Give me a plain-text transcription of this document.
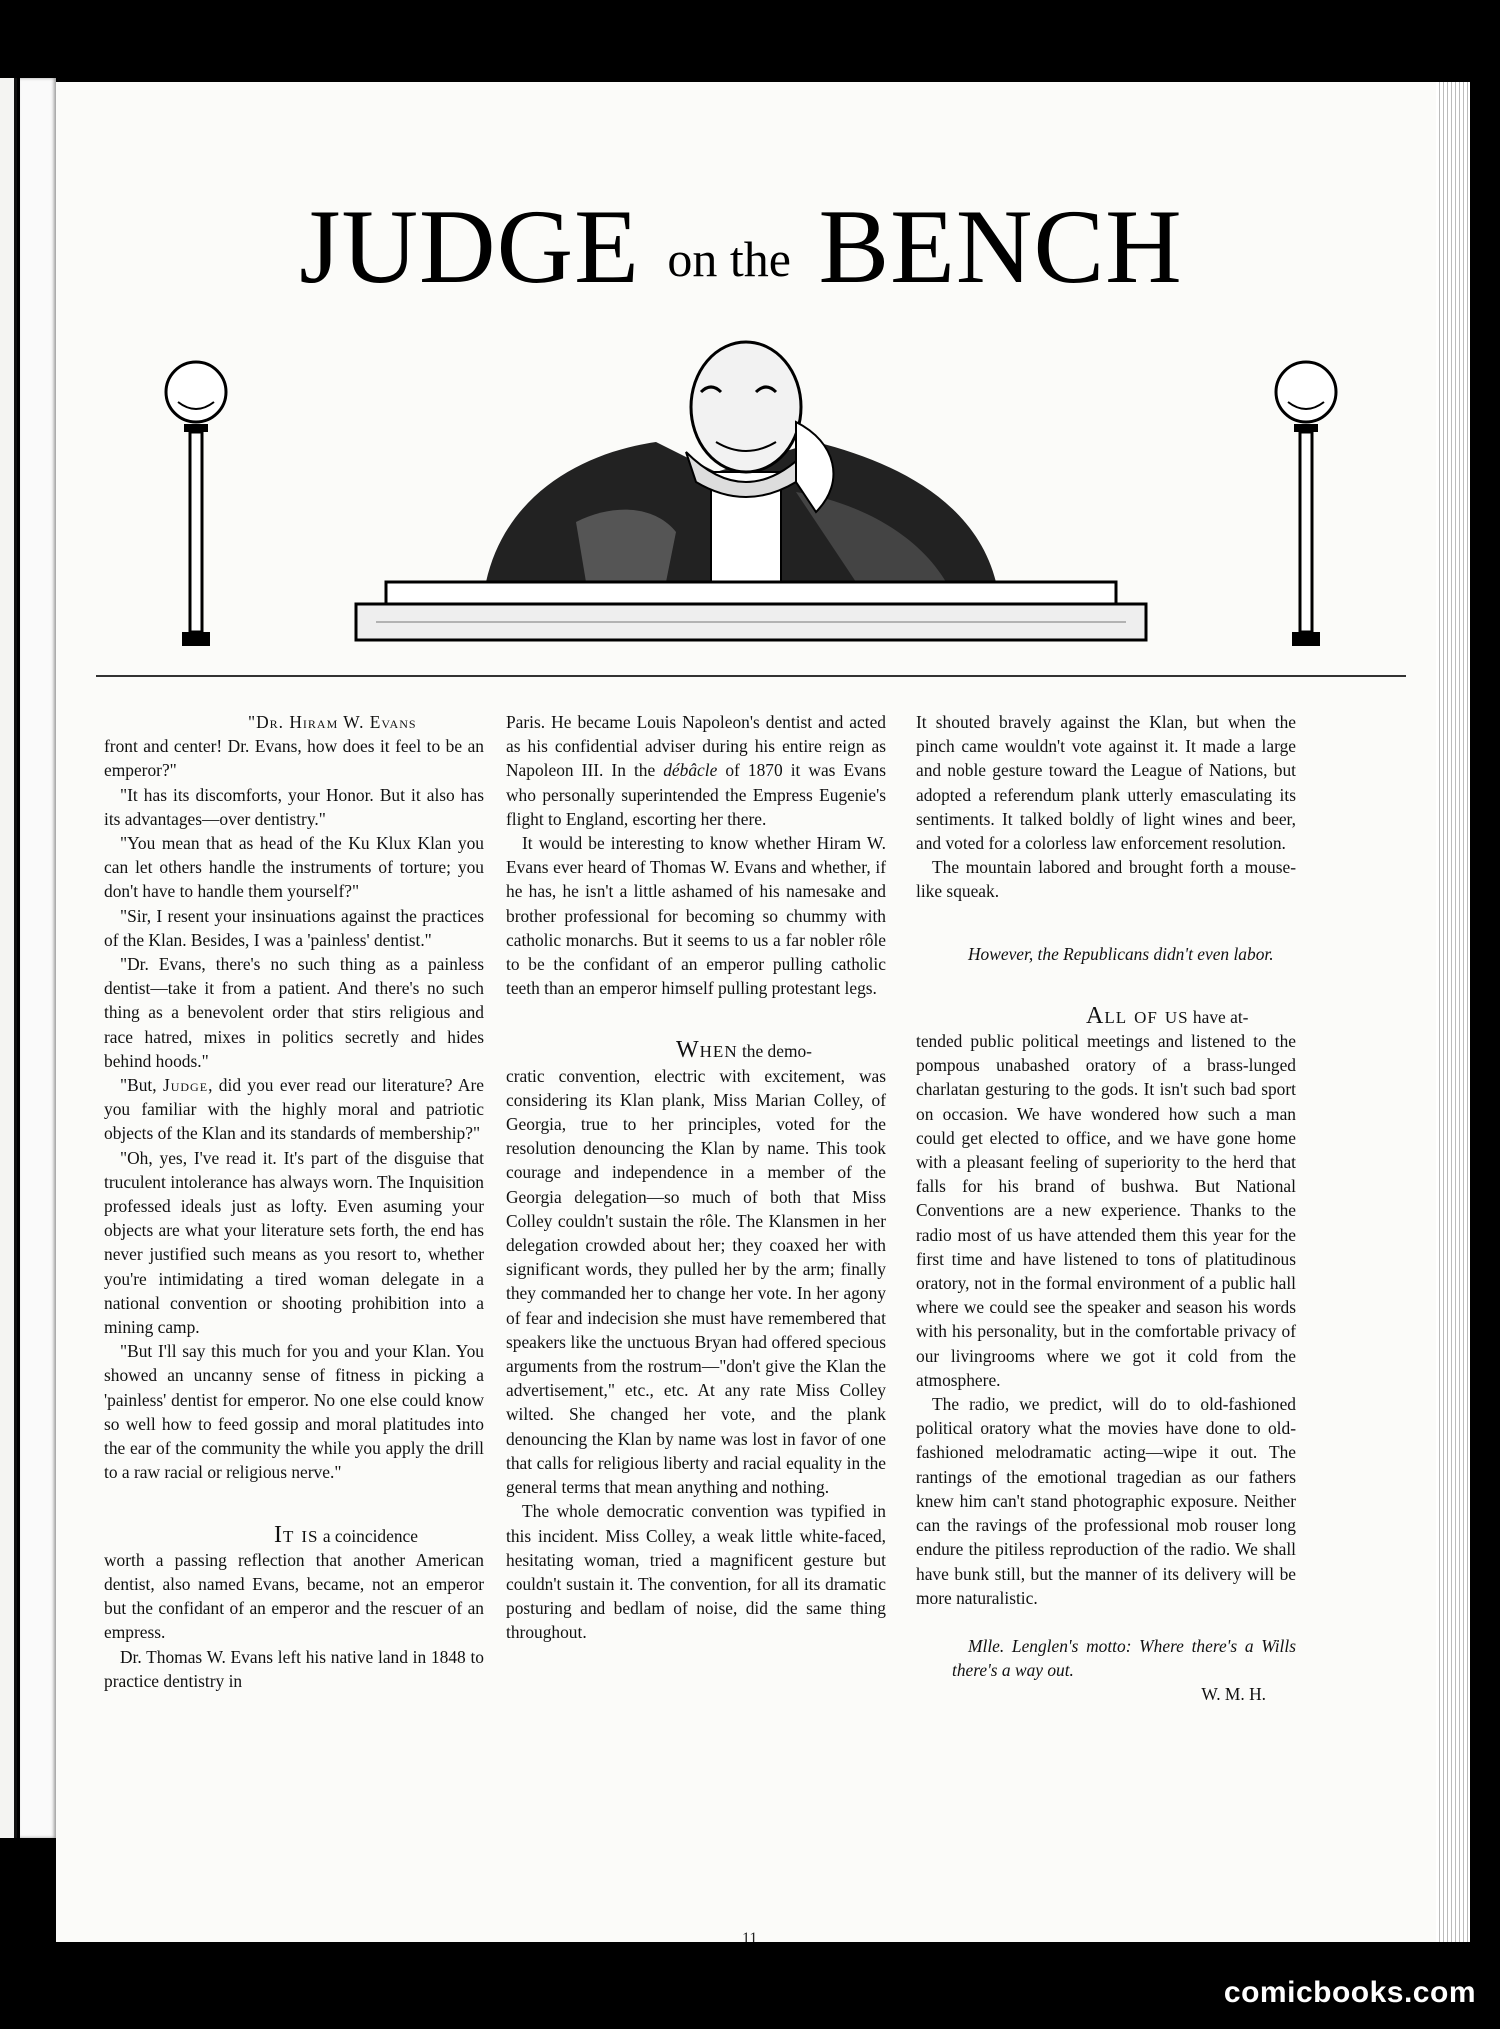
JUDGE on the BENCH

"Dr. Hiram W. Evans

front and center! Dr. Evans, how does it feel to be an emperor?"

"It has its discomforts, your Honor. But it also has its advantages—over dentistry."

"You mean that as head of the Ku Klux Klan you can let others handle the instruments of torture; you don't have to handle them yourself?"

"Sir, I resent your insinuations against the practices of the Klan. Besides, I was a 'painless' dentist."

"Dr. Evans, there's no such thing as a painless dentist—take it from a patient. And there's no such thing as a benevolent order that stirs religious and race hatred, mixes in politics secretly and hides behind hoods."

"But, Judge, did you ever read our literature? Are you familiar with the highly moral and patriotic objects of the Klan and its standards of membership?"

"Oh, yes, I've read it. It's part of the disguise that truculent intolerance has always worn. The Inquisition professed ideals just as lofty. Even asuming your objects are what your literature sets forth, the end has never justified such means as you resort to, whether you're intimidating a tired woman delegate in a national convention or shooting prohibition into a mining camp.

"But I'll say this much for you and your Klan. You showed an uncanny sense of fitness in picking a 'painless' dentist for emperor. No one else could know so well how to feed gossip and moral platitudes into the ear of the community the while you apply the drill to a raw racial or religious nerve."

It is a coincidence

worth a passing reflection that another American dentist, also named Evans, became, not an emperor but the confidant of an emperor and the rescuer of an empress.

Dr. Thomas W. Evans left his native land in 1848 to practice dentistry in

Paris. He became Louis Napoleon's dentist and acted as his confidential adviser during his entire reign as Napoleon III. In the débâcle of 1870 it was Evans who personally superintended the Empress Eugenie's flight to England, escorting her there.

It would be interesting to know whether Hiram W. Evans ever heard of Thomas W. Evans and whether, if he has, he isn't a little ashamed of his namesake and brother professional for becoming so chummy with catholic monarchs. But it seems to us a far nobler rôle to be the confidant of an emperor pulling catholic teeth than an emperor himself pulling protestant legs.

When the demo-

cratic convention, electric with excitement, was considering its Klan plank, Miss Marian Colley, of Georgia, true to her principles, voted for the resolution denouncing the Klan by name. This took courage and independence in a member of the Georgia delegation—so much of both that Miss Colley couldn't sustain the rôle. The Klansmen in her delegation crowded about her; they coaxed her with significant words, they pulled her by the arm; finally they commanded her to change her vote. In her agony of fear and indecision she must have remembered that speakers like the unctuous Bryan had offered specious arguments from the rostrum—"don't give the Klan the advertisement," etc., etc. At any rate Miss Colley wilted. She changed her vote, and the plank denouncing the Klan by name was lost in favor of one that calls for religious liberty and racial equality in the general terms that mean anything and nothing.

The whole democratic convention was typified in this incident. Miss Colley, a weak little white-faced, hesitating woman, tried a magnificent gesture but couldn't sustain it. The convention, for all its dramatic posturing and bedlam of noise, did the same thing throughout.

It shouted bravely against the Klan, but when the pinch came wouldn't vote against it. It made a large and noble gesture toward the League of Nations, but adopted a referendum plank utterly emasculating its sentiments. It talked boldly of light wines and beer, and voted for a colorless law enforcement resolution.

The mountain labored and brought forth a mouse-like squeak.

However, the Republicans didn't even labor.

All of us have at-

tended public political meetings and listened to the pompous unabashed oratory of a brass-lunged charlatan gesturing to the gods. It isn't such bad sport on occasion. We have wondered how such a man could get elected to office, and we have gone home with a pleasant feeling of superiority to the herd that falls for his brand of bushwa. But National Conventions are a new experience. Thanks to the radio most of us have attended them this year for the first time and have listened to tons of platitudinous oratory, not in the formal environment of a public hall where we could see the speaker and season his words with his personality, but in the comfortable privacy of our livingrooms where we got it cold from the atmosphere.

The radio, we predict, will do to old-fashioned political oratory what the movies have done to old-fashioned melodramatic acting—wipe it out. The rantings of the emotional tragedian as our fathers knew him can't stand photographic exposure. Neither can the ravings of the professional mob rouser long endure the pitiless reproduction of the radio. We shall have bunk still, but the manner of its delivery will be more naturalistic.

Mlle. Lenglen's motto: Where there's a Wills there's a way out.

W. M. H.

11
comicbooks.com
